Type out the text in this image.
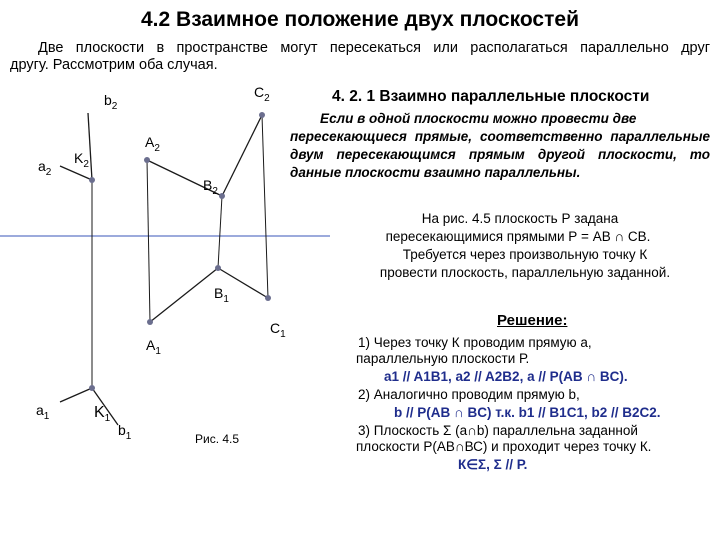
4.2 Взаимное положение двух плоскостей
Две плоскости в пространстве могут пересекаться или располагаться параллельно друг
другу. Рассмотрим оба случая.
$b_2$
$C_2$
$a_2$
$K_2$
$A_2$
$B_2$
$B_1$
$C_1$
$A_1$
$a_1$	$K_1$
$b_1$	Рис. 4.5
4. 2. 1 Взаимно параллельные плоскости
Если в одной плоскости можно провести две
пересекающиеся прямые, соответственно параллельные двум пересекающимся прямым другой плоскости, то данные плоскости взаимно параллельны.
На рис. 4.5 плоскость Р задана
пересекающимися прямыми Р = АВ ∩ СВ.
Требуется через произвольную точку К
провести плоскость, параллельную заданной.
Решение:
1) Через точку К проводим прямую а,
параллельную плоскости Р.
a1 // A1B1, a2 // A2B2, a // P(AB ∩ BC).
2) Аналогично проводим прямую b,
b // P(AB ∩ BC) т.к. b1 // B1C1, b2 // B2C2.
3) Плоскость Σ (а∩b) параллельна заданной
плоскости Р(АВ∩ВС) и проходит через точку К.
К∈Σ, Σ // Р.
